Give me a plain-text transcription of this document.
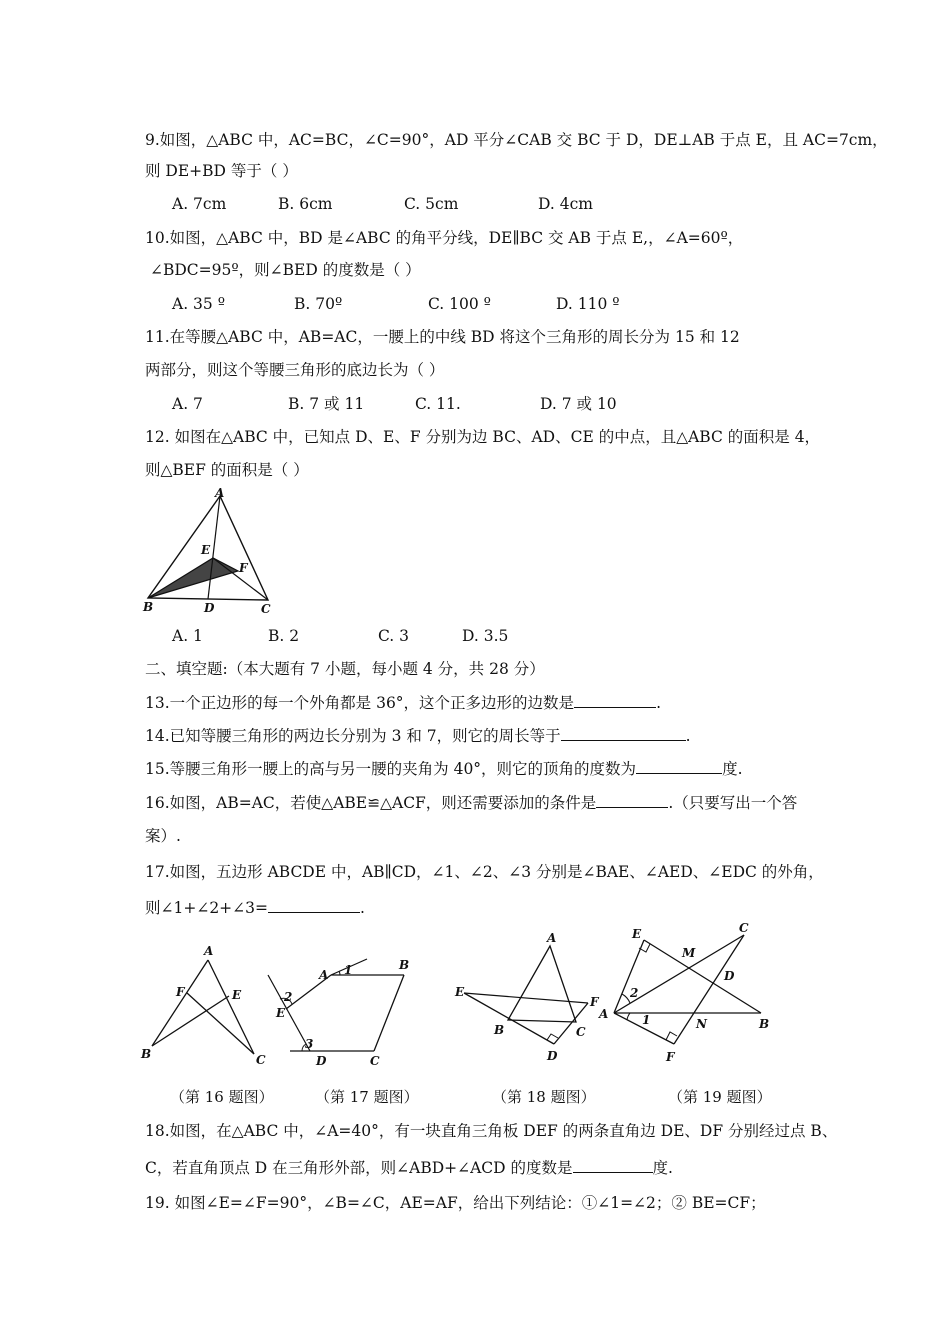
9.如图，△ABC 中，AC=BC，∠C=90°，AD 平分∠CAB 交 BC 于 D，DE⊥AB 于点 E，且 AC=7cm，
则 DE+BD 等于（ ）
A. 7cm	B. 6cm	C. 5cm	D. 4cm
10.如图，△ABC 中，BD 是∠ABC 的角平分线，DE∥BC 交 AB 于点 E,，∠A=60º，
∠BDC=95º，则∠BED 的度数是（ ）
A. 35 º	B. 70º	C. 100 º	D. 110 º
11.在等腰△ABC 中，AB=AC，一腰上的中线 BD 将这个三角形的周长分为 15 和 12
两部分，则这个等腰三角形的底边长为（ ）
A. 7	B. 7 或 11	C. 11.	D. 7 或 10
12. 如图在△ABC 中，已知点 D、E、F 分别为边 BC、AD、CE 的中点，且△ABC 的面积是 4，
则△BEF 的面积是（ ）
A
E
F
B	D	C
A. 1	B. 2	C. 3	D. 3.5
二、填空题:（本大题有 7 小题，每小题 4 分，共 28 分）
13.一个正边形的每一个外角都是 36°，这个正多边形的边数是	.
14.已知等腰三角形的两边长分别为 3 和 7，则它的周长等于	.
15.等腰三角形一腰上的高与另一腰的夹角为 40°，则它的顶角的度数为	度.
16.如图，AB=AC，若使△ABE≌△ACF，则还需要添加的条件是	.（只要写出一个答
案）.
17.如图，五边形 ABCDE 中，AB∥CD，∠1、∠2、∠3 分别是∠BAE、∠AED、∠EDC 的外角，
则∠1+∠2+∠3=	.
A
F	E
B	C
A 1	B
2
E
3
D	C
A
E
F
B	C
D
E	C
M
D
2
A	1	N	B
F
（第 16 题图）	（第 17 题图）	（第 18 题图）	（第 19 题图）
18.如图，在△ABC 中，∠A=40°，有一块直角三角板 DEF 的两条直角边 DE、DF 分别经过点 B、
C，若直角顶点 D 在三角形外部，则∠ABD+∠ACD 的度数是	度.
19. 如图∠E=∠F=90°，∠B=∠C，AE=AF，给出下列结论：①∠1=∠2；② BE=CF；
